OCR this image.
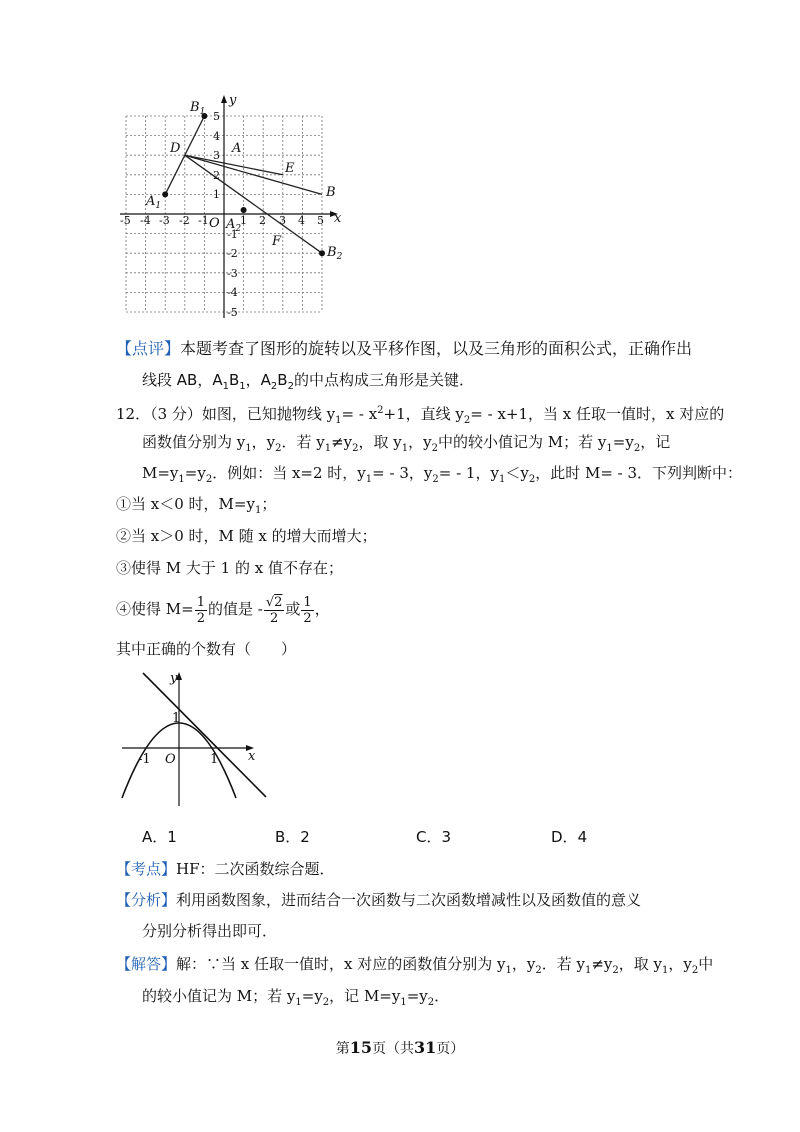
-5 -4 -3 -2 -1	1 2 3 4 5
5
4
3
2
1
-1
-2
-3
-4
-5
x
y
O
$B_1$
D	A
E
B
$A_1$
$A_2$
F
$B_2$
【点评】本题考查了图形的旋转以及平移作图，以及三角形的面积公式，正确作出
线段 AB，$A_1B_1$，$A_2B_2$的中点构成三角形是关键．
12．（3 分）如图，已知抛物线 $y_1= - x^2+1$，直线 $y_2= - x+1$，当 x 任取一值时，x 对应的
函数值分别为 $y_1$，$y_2$．若 $y_1\ne y_2$，取 $y_1$，$y_2$中的较小值记为 M；若 $y_1=y_2$，记
$M=y_1=y_2$．例如：当 x=2 时，$y_1= - 3$，$y_2= - 1$，$y_1<y_2$，此时 M= - 3．下列判断中：
①当 x＜0 时，$M=y_1$；
②当 x＞0 时，M 随 x 的增大而增大；
③使得 M 大于 1 的 x 值不存在；
④使得 $M= \frac{1}{2}$ 的值是 - $\frac{√2}{2}$ 或 $\frac{1}{2}$ ，
其中正确的个数有（　　）
x
y
O
-1	1
1
A．1	B．2	C．3	D．4
【考点】HF：二次函数综合题．
【分析】利用函数图象，进而结合一次函数与二次函数增减性以及函数值的意义
分别分析得出即可．
【解答】解：∵当 x 任取一值时，x 对应的函数值分别为 $y_1$，$y_2$．若 $y_1\ne y_2$，取 $y_1$，$y_2$中
的较小值记为 M；若 $y_1=y_2$，记 $M=y_1=y_2$．
第15页（共31页）
